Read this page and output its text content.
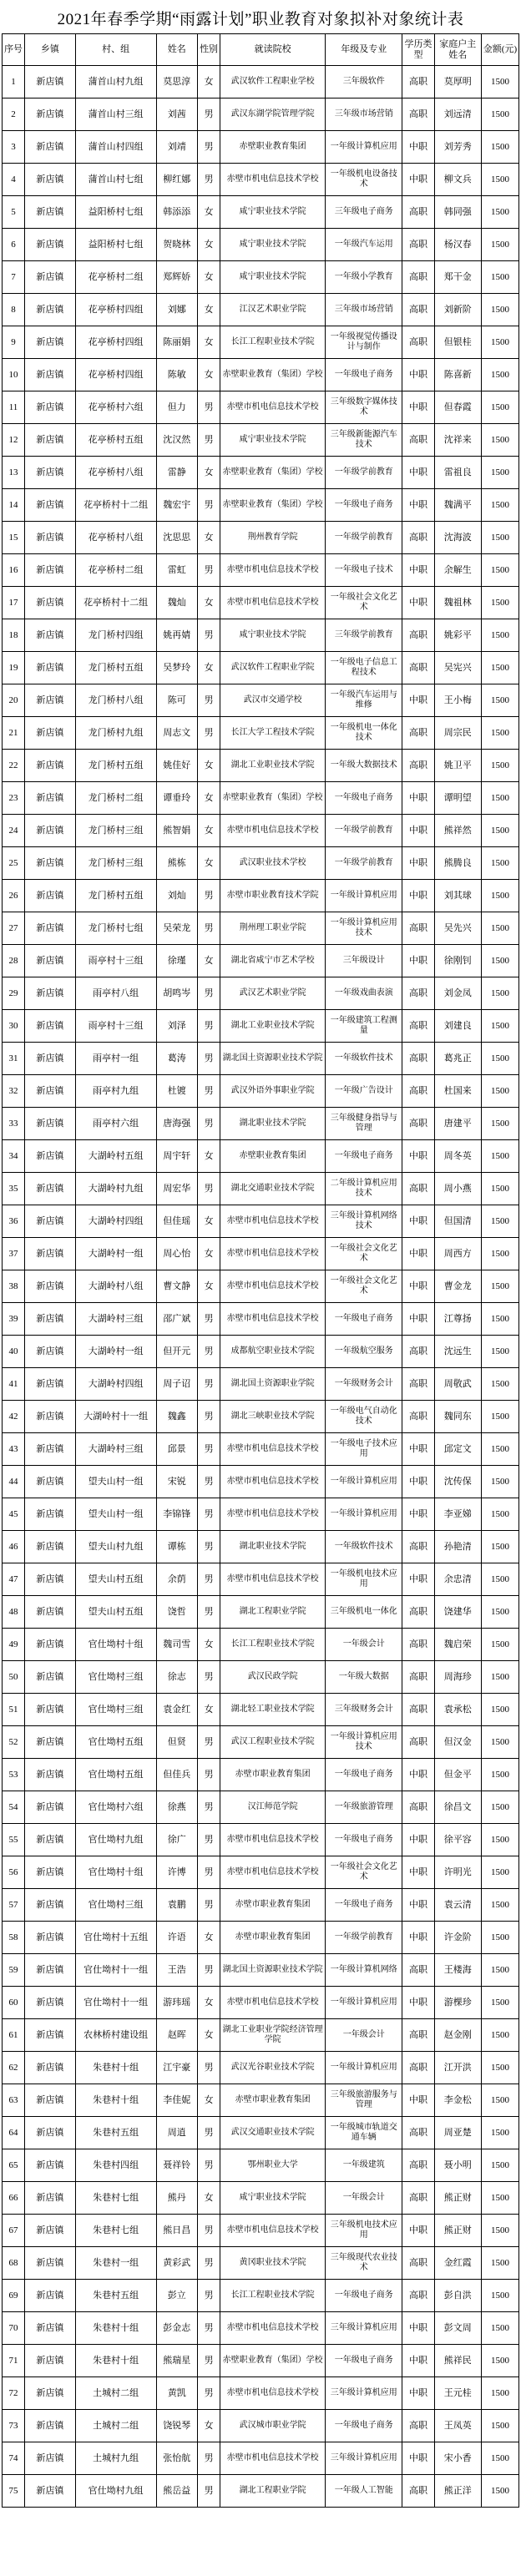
2021年春季学期“雨露计划”职业教育对象拟补对象统计表
序号	乡镇	村、组	姓名	性别	就读院校	年级及专业	学历类型	家庭户主姓名	金额(元)
1	新店镇	蒲首山村九组	莫思淳	女	武汉软件工程职业学校	三年级软件	高职	莫厚明	1500
2	新店镇	蒲首山村三组	刘茜	男	武汉东湖学院管理学院	三年级市场营销	高职	刘远清	1500
3	新店镇	蒲首山村四组	刘靖	男	赤壁职业教育集团	一年级计算机应用	中职	刘芳秀	1500
4	新店镇	蒲首山村七组	柳红娜	男	赤壁市机电信息技术学校	一年级机电设备技术	中职	柳文兵	1500
5	新店镇	益阳桥村七组	韩添添	女	咸宁职业技术学院	三年级电子商务	高职	韩同强	1500
6	新店镇	益阳桥村七组	贺晓林	女	咸宁职业技术学院	一年级汽车运用	高职	杨汉春	1500
7	新店镇	花亭桥村二组	郑辉娇	女	咸宁职业技术学院	一年级小学教育	高职	郑干金	1500
8	新店镇	花亭桥村四组	刘娜	女	江汉艺术职业学院	三年级市场营销	高职	刘新阶	1500
9	新店镇	花亭桥村四组	陈丽娟	女	长江工程职业技术学院	一年级视觉传播设计与制作	高职	但银桂	1500
10	新店镇	花亭桥村四组	陈敏	女	赤壁职业教育（集团）学校	一年级电子商务	中职	陈喜新	1500
11	新店镇	花亭桥村六组	但力	男	赤壁市机电信息技术学校	三年级数字媒体技术	中职	但春霞	1500
12	新店镇	花亭桥村五组	沈汉然	男	咸宁职业技术学院	三年级新能源汽车技术	高职	沈祥来	1500
13	新店镇	花亭桥村八组	雷静	女	赤壁职业教育（集团）学校	一年级学前教育	中职	雷祖良	1500
14	新店镇	花亭桥村十二组	魏宏宇	男	赤壁职业教育（集团）学校	一年级电子商务	中职	魏满平	1500
15	新店镇	花亭桥村八组	沈思思	女	荆州教育学院	一年级学前教育	高职	沈海波	1500
16	新店镇	花亭桥村二组	雷虹	男	赤壁市机电信息技术学校	一年级电子技术	中职	余解生	1500
17	新店镇	花亭桥村十二组	魏灿	女	赤壁市机电信息技术学校	一年级社会文化艺术	中职	魏祖林	1500
18	新店镇	龙门桥村四组	姚再婧	男	咸宁职业技术学院	三年级学前教育	高职	姚彩平	1500
19	新店镇	龙门桥村五组	吴梦玲	女	武汉软件工程职业学院	一年级电子信息工程技术	高职	吴宪兴	1500
20	新店镇	龙门桥村八组	陈可	男	武汉市交通学校	一年级汽车运用与维修	中职	王小梅	1500
21	新店镇	龙门桥村九组	周志文	男	长江大学工程技术学院	一年级机电一体化技术	高职	周宗民	1500
22	新店镇	龙门桥村五组	姚佳好	女	湖北工业职业技术学院	一年级大数据技术	高职	姚卫平	1500
23	新店镇	龙门桥村二组	谭垂玲	女	赤壁职业教育（集团）学校	一年级电子商务	中职	谭明望	1500
24	新店镇	龙门桥村三组	熊智娟	女	赤壁市机电信息技术学校	一年级学前教育	中职	熊祥然	1500
25	新店镇	龙门桥村三组	熊栋	女	武汉职业技术学校	一年级学前教育	中职	熊腾良	1500
26	新店镇	龙门桥村五组	刘灿	男	赤壁市职业教育技术学院	一年级计算机应用	中职	刘其球	1500
27	新店镇	龙门桥村七组	吴荣龙	男	荆州理工职业学院	一年级计算机应用技术	高职	吴先兴	1500
28	新店镇	雨亭村十三组	徐瑾	女	湖北省咸宁市艺术学校	三年级设计	中职	徐刚钊	1500
29	新店镇	雨亭村八组	胡鸣岑	男	武汉艺术职业学院	一年级戏曲表演	高职	刘金凤	1500
30	新店镇	雨亭村十三组	刘泽	男	湖北工业职业技术学院	一年级建筑工程测量	高职	刘建良	1500
31	新店镇	雨亭村一组	葛涛	男	湖北国土资源职业技术学院	一年级软件技术	高职	葛兆正	1500
32	新店镇	雨亭村九组	杜镀	男	武汉外语外事职业学院	一年级广告设计	高职	杜国来	1500
33	新店镇	雨亭村六组	唐海强	男	湖北职业技术学院	三年级健身指导与管理	高职	唐建平	1500
34	新店镇	大湖岭村五组	周宇轩	女	赤壁职业教育集团	一年级电子商务	中职	周冬英	1500
35	新店镇	大湖岭村九组	周宏华	男	湖北交通职业技术学院	二年级计算机应用技术	高职	周小燕	1500
36	新店镇	大湖岭村四组	但佳瑶	女	赤壁市机电信息技术学校	三年级计算机网络技术	中职	但国清	1500
37	新店镇	大湖岭村一组	周心怡	女	赤壁市机电信息技术学校	一年级社会文化艺术	中职	周西方	1500
38	新店镇	大湖岭村八组	曹文静	女	赤壁市机电信息技术学校	一年级社会文化艺术	中职	曹金龙	1500
39	新店镇	大湖岭村三组	邵广斌	男	赤壁市机电信息技术学校	一年级电子商务	中职	江尊扬	1500
40	新店镇	大湖岭村一组	但开元	男	成都航空职业技术学院	一年级航空服务	高职	沈远生	1500
41	新店镇	大湖岭村四组	周子诏	男	湖北国土资源职业学院	一年级财务会计	高职	周敬武	1500
42	新店镇	大湖岭村十一组	魏鑫	男	湖北三峡职业技术学院	一年级电气自动化技术	高职	魏同东	1500
43	新店镇	大湖岭村三组	邱景	男	赤壁市机电信息技术学校	一年级电子技术应用	中职	邱定文	1500
44	新店镇	望夫山村一组	宋锐	男	赤壁市机电信息技术学校	一年级计算机应用	中职	沈传保	1500
45	新店镇	望夫山村一组	李锦锋	男	赤壁市机电信息技术学校	一年级计算机应用	中职	李亚娣	1500
46	新店镇	望夫山村九组	谭栋	男	湖北职业技术学院	一年级软件技术	高职	孙艳清	1500
47	新店镇	望夫山村五组	余荫	男	赤壁市机电信息技术学校	一年级机电技术应用	中职	余忠清	1500
48	新店镇	望夫山村五组	饶哲	男	湖北工程职业学院	三年级机电一体化	高职	饶建华	1500
49	新店镇	官仕坳村十组	魏司雪	女	长江工程职业技术学院	一年级会计	高职	魏启荣	1500
50	新店镇	官仕坳村三组	徐志	男	武汉民政学院	一年级大数据	高职	周海珍	1500
51	新店镇	官仕坳村三组	袁金红	女	湖北轻工职业技术学院	三年级财务会计	高职	袁承松	1500
52	新店镇	官仕坳村五组	但贤	男	武汉工程职业技术学院	一年级计算机应用技术	高职	但汉金	1500
53	新店镇	官仕坳村五组	但佳兵	男	赤壁市职业教育集团	一年级电子商务	中职	但金平	1500
54	新店镇	官仕坳村六组	徐燕	男	汉江师范学院	一年级旅游管理	高职	徐昌文	1500
55	新店镇	官仕坳村九组	徐广	男	赤壁市机电信息技术学校	一年级电子商务	中职	徐平容	1500
56	新店镇	官仕坳村十组	许博	男	赤壁市机电信息技术学校	一年级社会文化艺术	中职	许明光	1500
57	新店镇	官仕坳村三组	袁鹏	男	赤壁市职业教育集团	一年级电子商务	中职	袁云清	1500
58	新店镇	官仕坳村十五组	许语	女	赤壁市职业教育集团	一年级学前教育	中职	许金阶	1500
59	新店镇	官仕坳村十一组	王浩	男	湖北国土资源职业技术学院	一年级计算机网络	高职	王楼海	1500
60	新店镇	官仕坳村十一组	游玮瑶	女	赤壁市机电信息技术学校	一年级计算机应用	中职	游棵珍	1500
61	新店镇	农林桥村建设组	赵晖	女	湖北工业职业学院经济管理学院	一年级会计	高职	赵金刚	1500
62	新店镇	朱巷村十组	江宇豪	男	武汉光谷职业技术学院	一年级计算机应用	高职	江开洪	1500
63	新店镇	朱巷村十组	李佳妮	女	赤壁市职业教育集团	三年级旅游服务与管理	中职	李金松	1500
64	新店镇	朱巷村五组	周逍	男	武汉交通职业技术学院	一年级城市轨道交通车辆	高职	周亚楚	1500
65	新店镇	朱巷村四组	聂祥铃	男	鄂州职业大学	一年级建筑	高职	聂小明	1500
66	新店镇	朱巷村七组	熊丹	女	咸宁职业技术学院	一年级会计	高职	熊正财	1500
67	新店镇	朱巷村七组	熊日昌	男	赤壁市机电信息技术学校	三年级机电技术应用	中职	熊正财	1500
68	新店镇	朱巷村一组	黄彩武	男	黄冈职业技术学院	三年级现代农业技术	高职	金红霞	1500
69	新店镇	朱巷村五组	彭立	男	长江工程职业技术学院	一年级电子商务	高职	彭自洪	1500
70	新店镇	朱巷村十组	彭金志	男	赤壁市机电信息技术学校	三年级计算机应用	中职	彭文周	1500
71	新店镇	朱巷村十组	熊瑞星	男	赤壁职业教育（集团）学校	一年级电子商务	中职	熊祥民	1500
72	新店镇	土城村二组	黄凯	男	赤壁市机电信息技术学校	三年级计算机应用	中职	王元桂	1500
73	新店镇	土城村二组	饶锐琴	女	武汉城市职业学院	一年级电子商务	高职	王凤英	1500
74	新店镇	土城村九组	张怡航	男	赤壁市机电信息技术学校	三年级计算机应用	中职	宋小香	1500
75	新店镇	官仕坳村九组	熊岳益	男	湖北工程职业学院	一年级人工智能	高职	熊正洋	1500
